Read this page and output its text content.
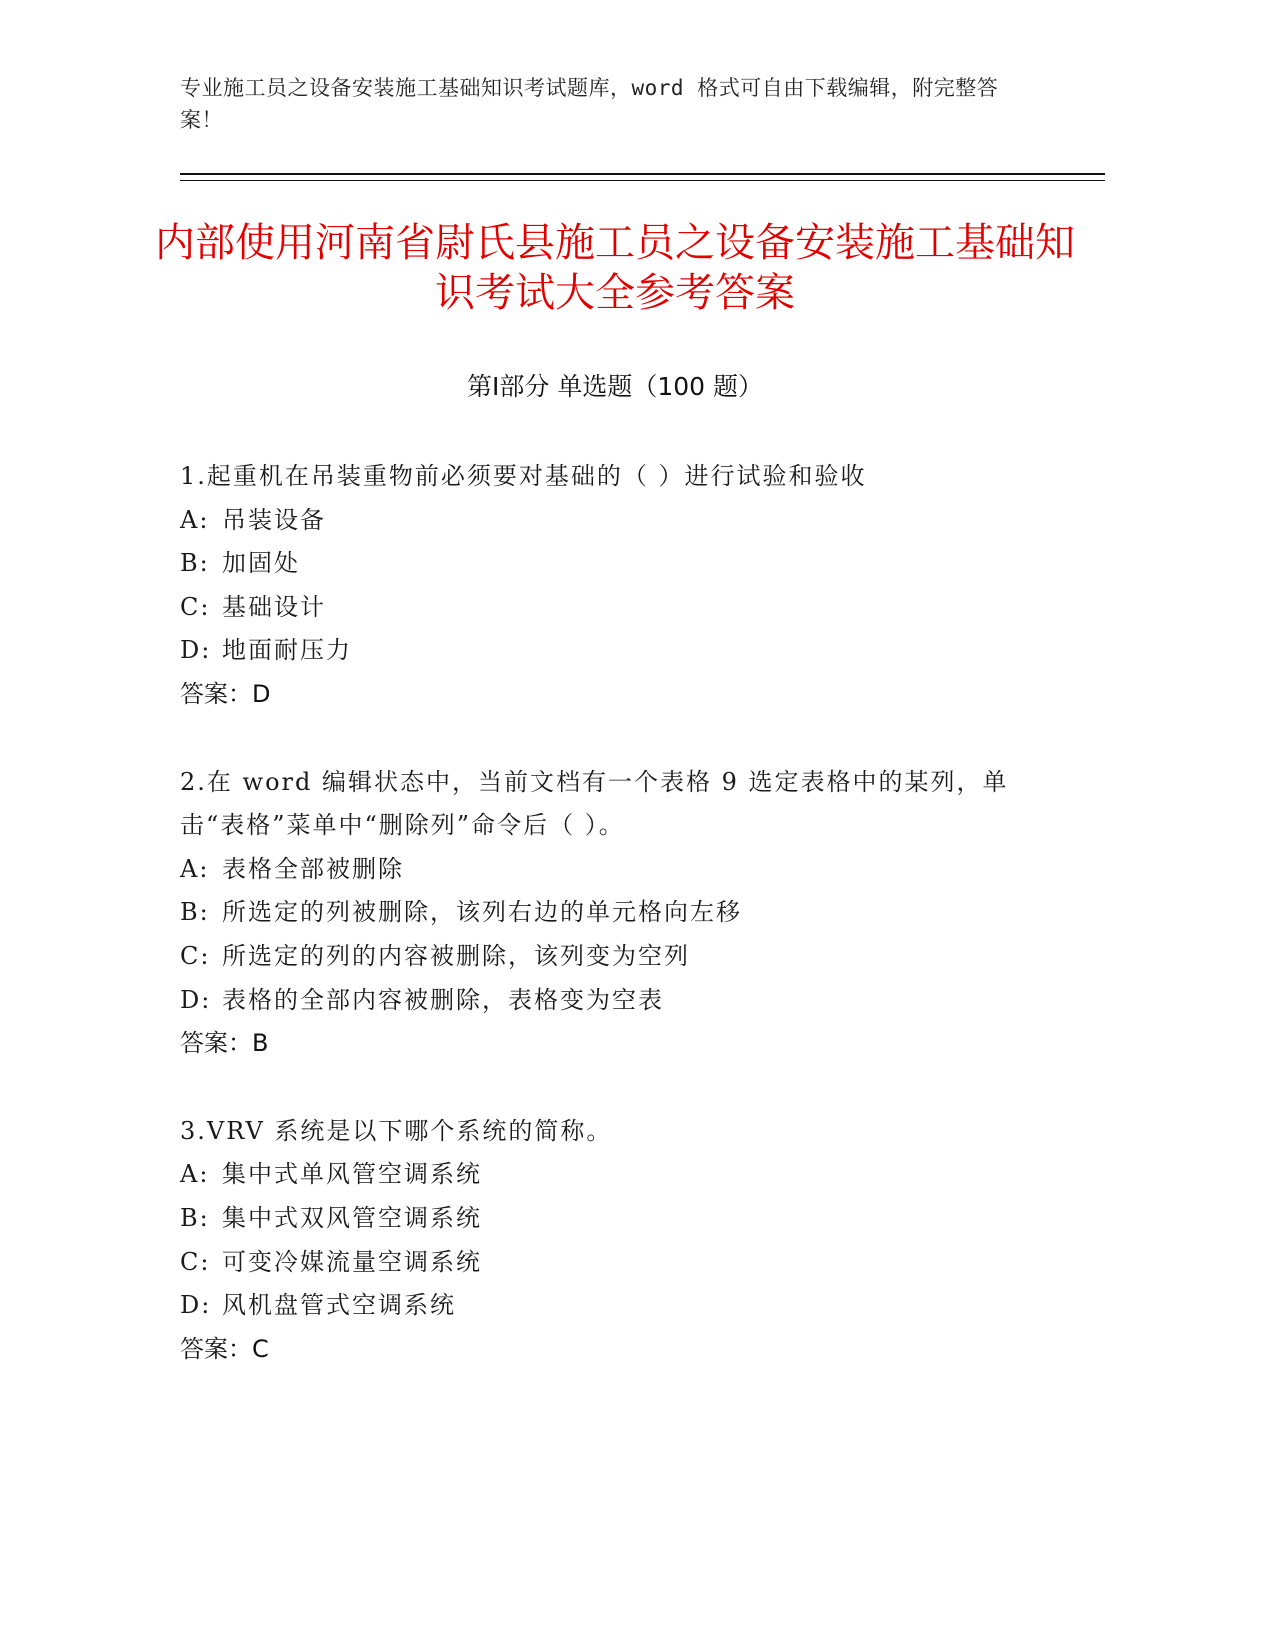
专业施工员之设备安装施工基础知识考试题库，word 格式可自由下载编辑，附完整答案！
内部使用河南省尉氏县施工员之设备安装施工基础知识考试大全参考答案
第Ⅰ部分 单选题（100 题）
1.起重机在吊装重物前必须要对基础的（ ）进行试验和验收
A: 吊装设备
B: 加固处
C: 基础设计
D: 地面耐压力
答案：D
2.在 word 编辑状态中，当前文档有一个表格 9 选定表格中的某列，单击“表格”菜单中“删除列”命令后（ ）。
A: 表格全部被删除
B: 所选定的列被删除，该列右边的单元格向左移
C: 所选定的列的内容被删除，该列变为空列
D: 表格的全部内容被删除，表格变为空表
答案：B
3.VRV 系统是以下哪个系统的简称。
A: 集中式单风管空调系统
B: 集中式双风管空调系统
C: 可变冷媒流量空调系统
D: 风机盘管式空调系统
答案：C
